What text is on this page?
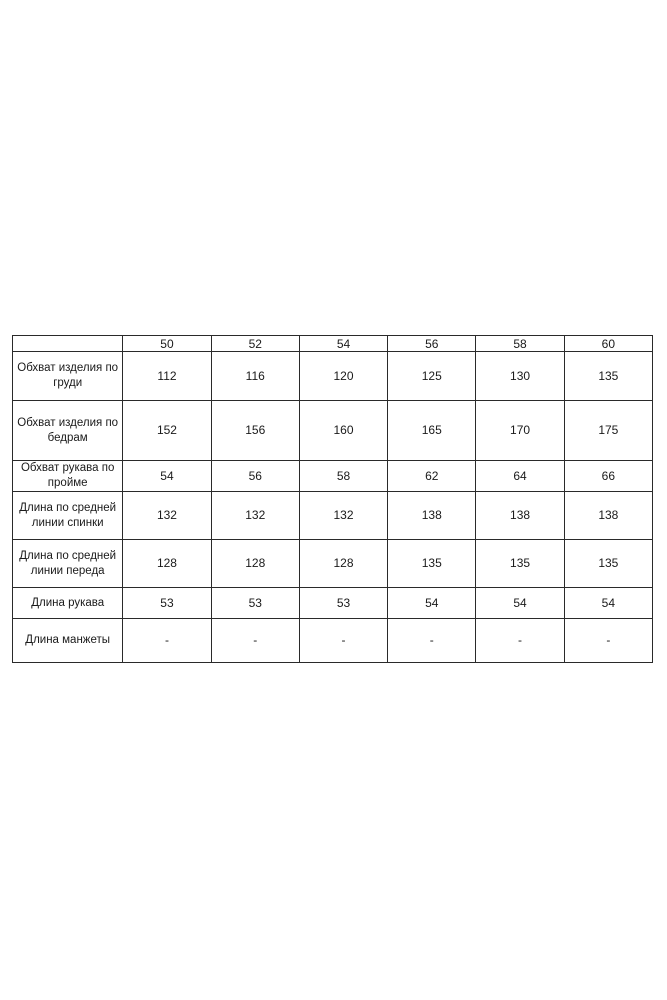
	50	52	54	56	58	60
Обхват изделия по груди	112	116	120	125	130	135
Обхват изделия по бедрам	152	156	160	165	170	175
Обхват рукава по пройме	54	56	58	62	64	66
Длина по средней линии спинки	132	132	132	138	138	138
Длина по средней линии переда	128	128	128	135	135	135
Длина рукава	53	53	53	54	54	54
Длина манжеты	-	-	-	-	-	-
